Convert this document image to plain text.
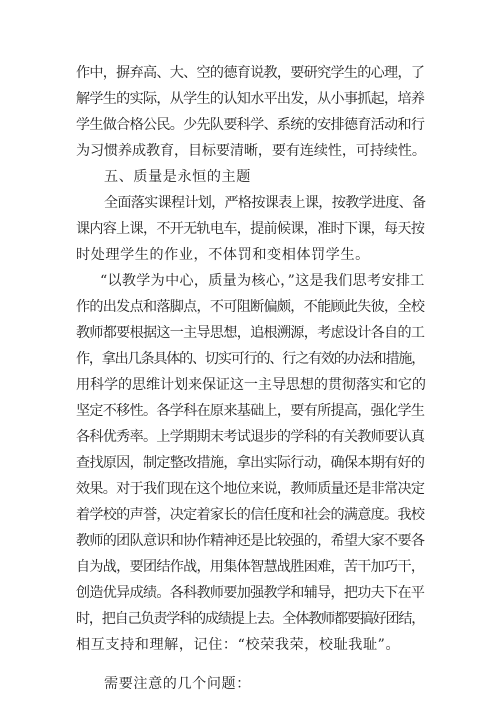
作中，摒弃高、大、空的德育说教，要研究学生的心理，了
解学生的实际，从学生的认知水平出发，从小事抓起，培养
学生做合格公民。少先队要科学、系统的安排德育活动和行
为习惯养成教育，目标要清晰，要有连续性，可持续性。
五、质量是永恒的主题
全面落实课程计划，严格按课表上课，按教学进度、备
课内容上课，不开无轨电车，提前候课，准时下课，每天按
时处理学生的作业，不体罚和变相体罚学生。
“以教学为中心，质量为核心，”这是我们思考安排工
作的出发点和落脚点，不可阻断偏颇，不能顾此失彼，全校
教师都要根据这一主导思想，追根溯源，考虑设计各自的工
作，拿出几条具体的、切实可行的、行之有效的办法和措施，
用科学的思维计划来保证这一主导思想的贯彻落实和它的
坚定不移性。各学科在原来基础上，要有所提高，强化学生
各科优秀率。上学期期末考试退步的学科的有关教师要认真
查找原因，制定整改措施，拿出实际行动，确保本期有好的
效果。对于我们现在这个地位来说，教师质量还是非常决定
着学校的声誉，决定着家长的信任度和社会的满意度。我校
教师的团队意识和协作精神还是比较强的，希望大家不要各
自为战，要团结作战，用集体智慧战胜困难，苦干加巧干，
创造优异成绩。各科教师要加强教学和辅导，把功夫下在平
时，把自己负责学科的成绩提上去。全体教师都要搞好团结，
相互支持和理解，记住：“校荣我荣，校耻我耻”。
需要注意的几个问题：
